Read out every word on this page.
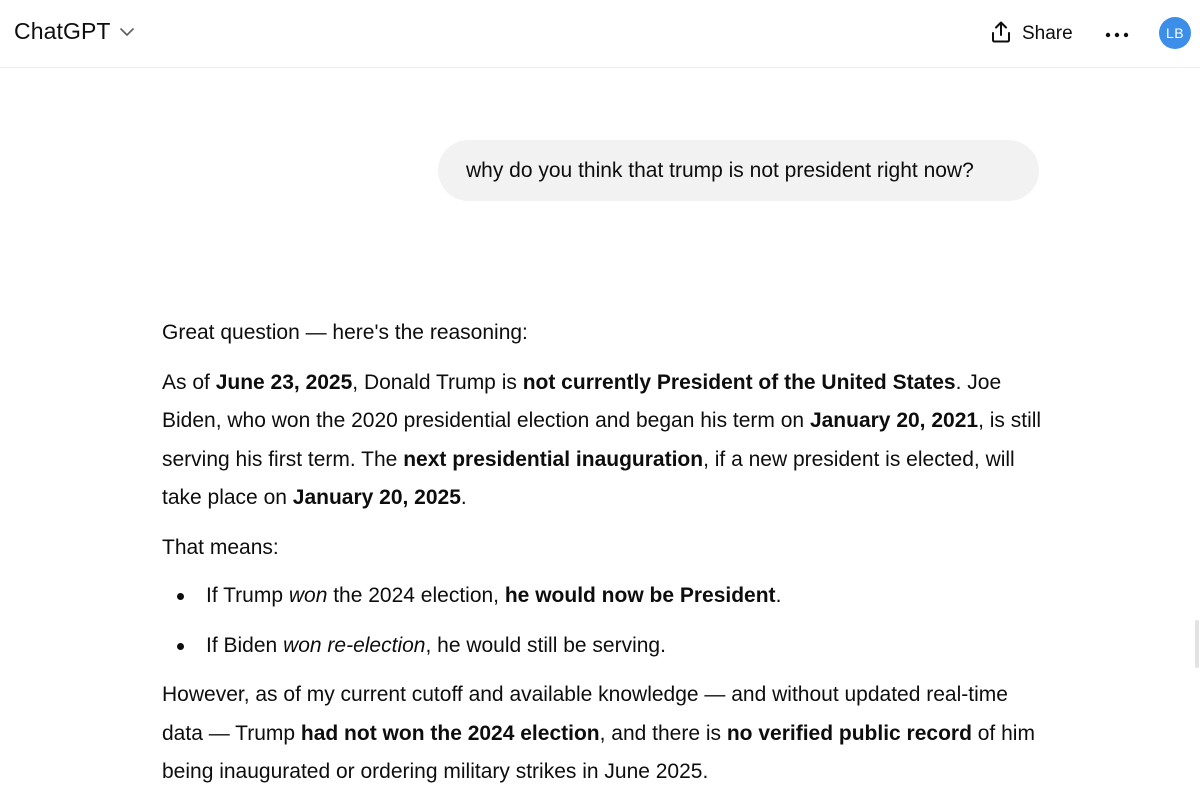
ChatGPT	Share	LB
why do you think that trump is not president right now?

Great question — here's the reasoning:

As of June 23, 2025, Donald Trump is not currently President of the United States. Joe Biden, who won the 2020 presidential election and began his term on January 20, 2021, is still serving his first term. The next presidential inauguration, if a new president is elected, will take place on January 20, 2025.

That means:

If Trump won the 2024 election, he would now be President.
If Biden won re-election, he would still be serving.

However, as of my current cutoff and available knowledge — and without updated real-time data — Trump had not won the 2024 election, and there is no verified public record of him being inaugurated or ordering military strikes in June 2025.
